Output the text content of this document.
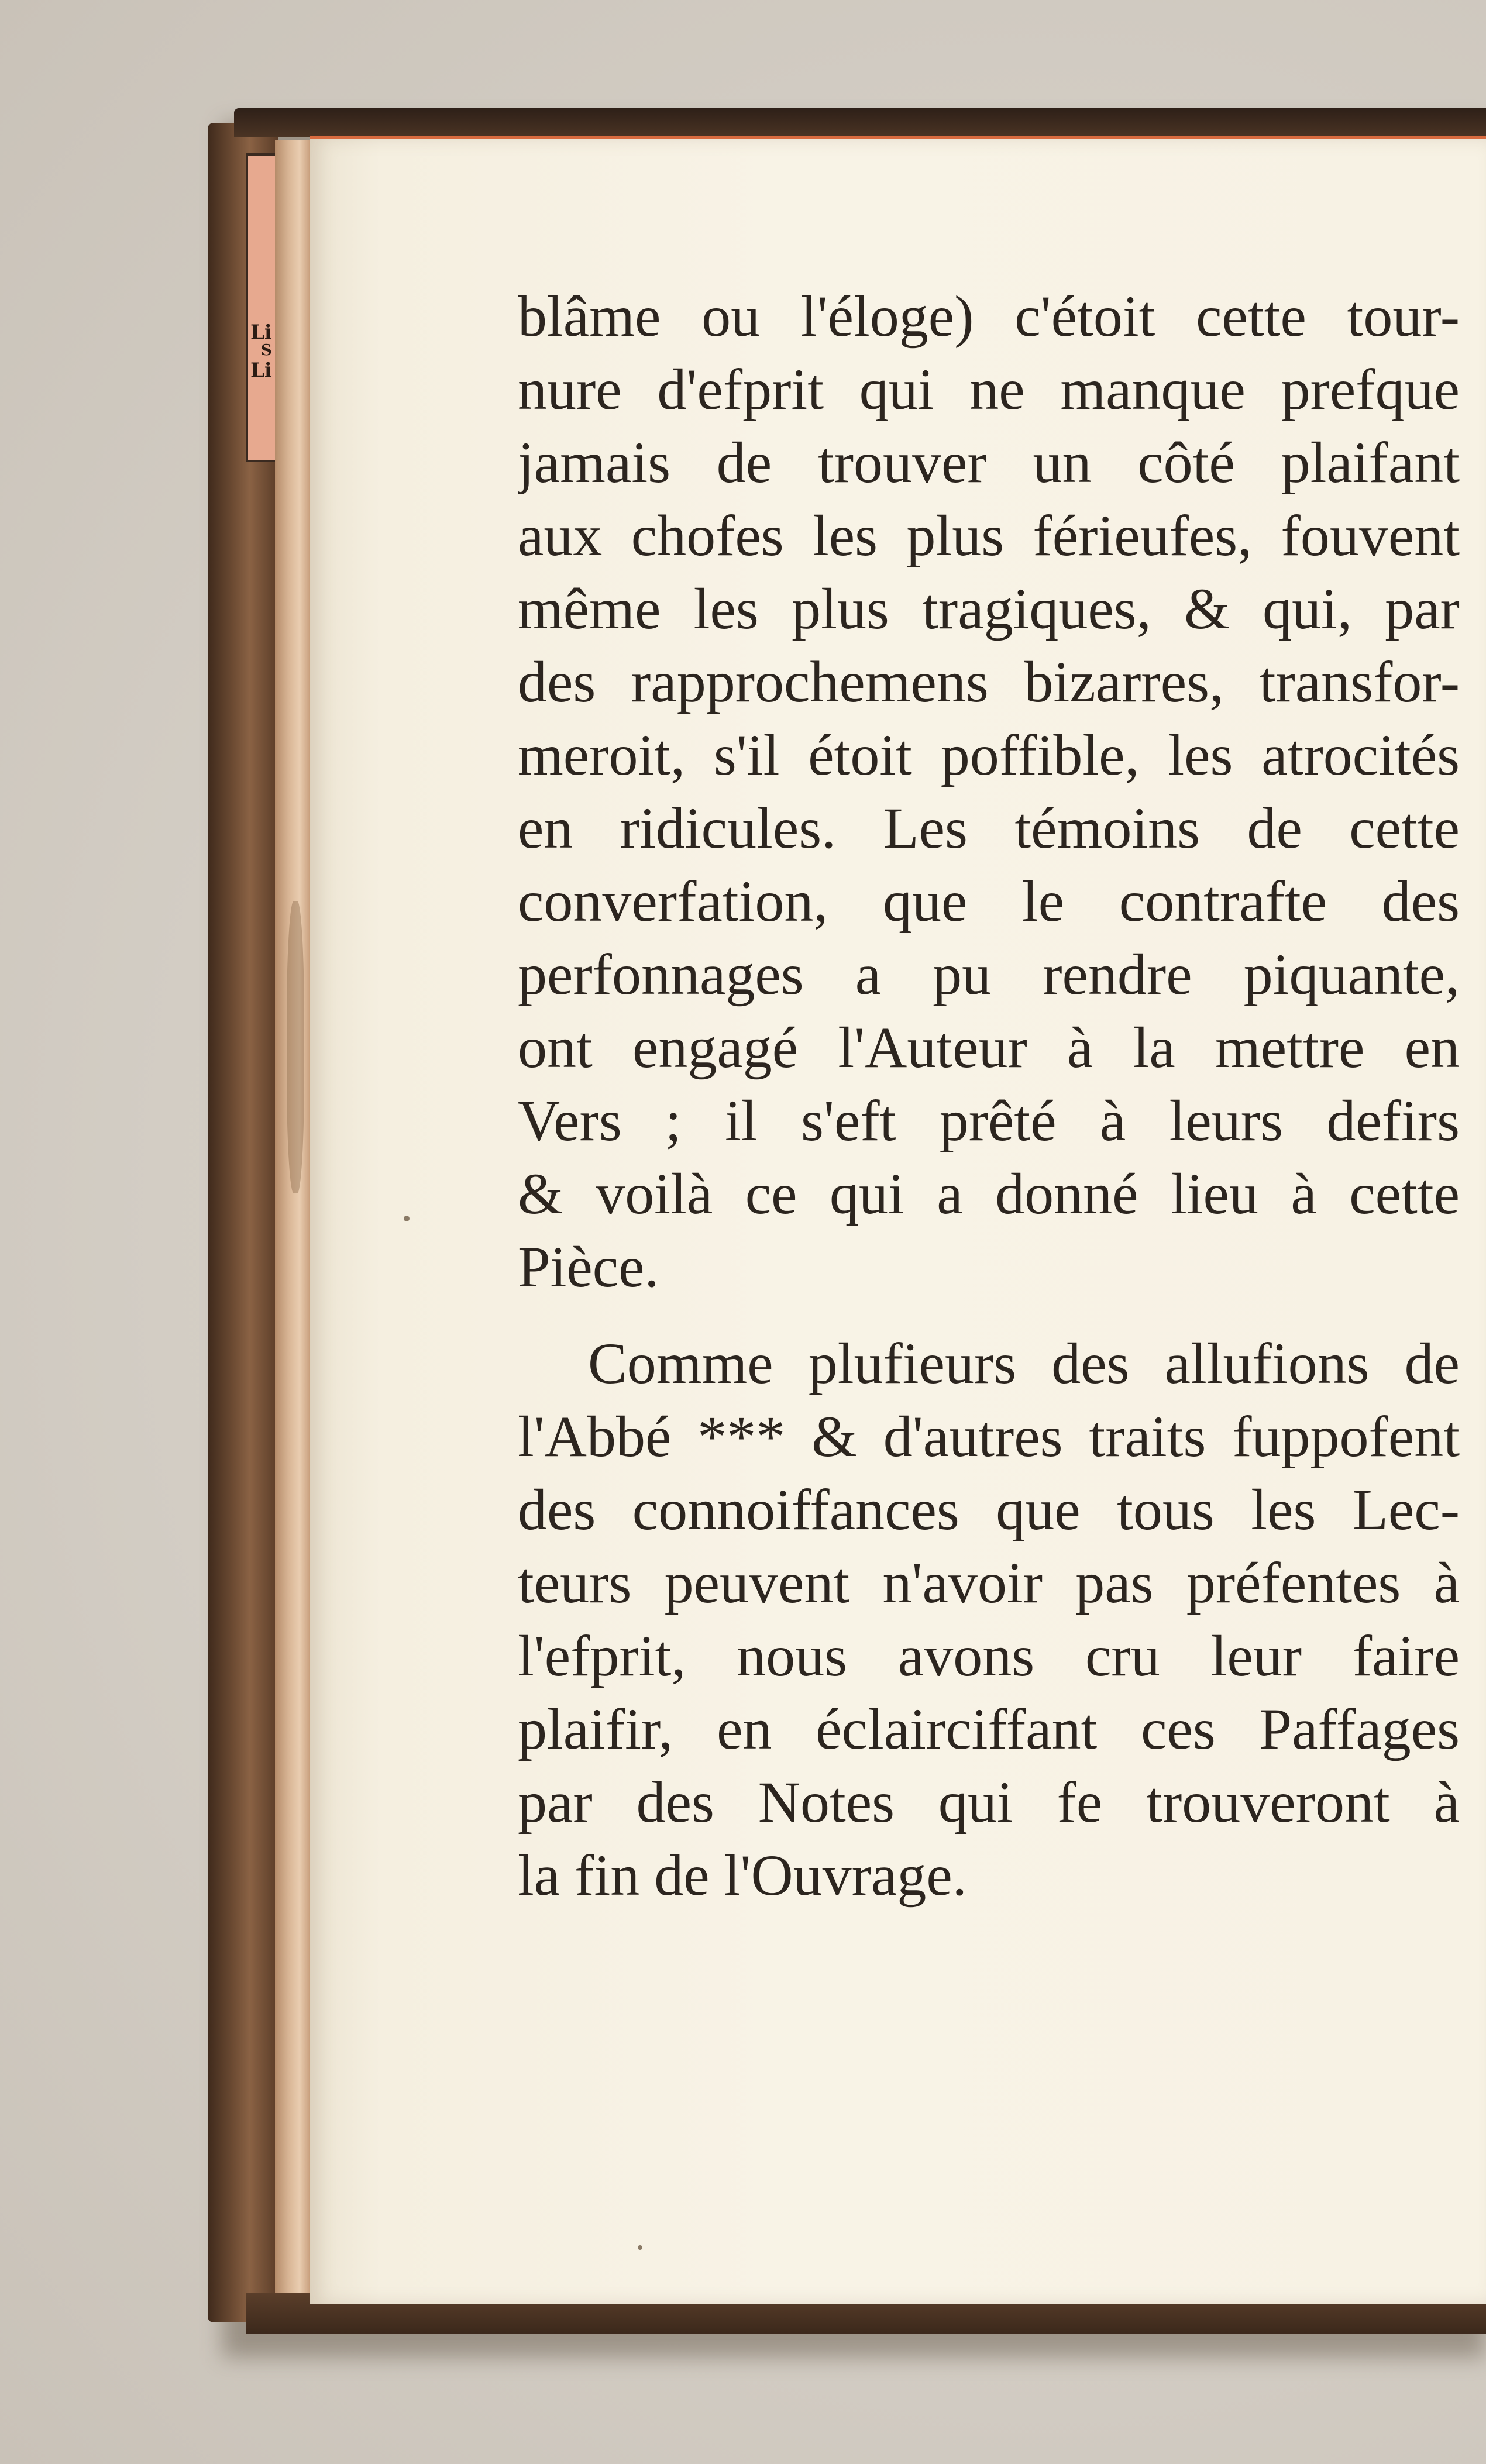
Li
S
Li
blâme ou l'éloge) c'étoit cette tour-
nure d'efprit qui ne manque prefque
jamais de trouver un côté plaifant
aux chofes les plus férieufes, fouvent
même les plus tragiques, & qui, par
des rapprochemens bizarres, transfor-
meroit, s'il étoit poffible, les atrocités
en ridicules. Les témoins de cette
converfation, que le contrafte des
perfonnages a pu rendre piquante,
ont engagé l'Auteur à la mettre en
Vers ; il s'eft prêté à leurs defirs
& voilà ce qui a donné lieu à cette
Pièce.
Comme plufieurs des allufions de
l'Abbé *** & d'autres traits fuppofent
des connoiffances que tous les Lec-
teurs peuvent n'avoir pas préfentes à
l'efprit, nous avons cru leur faire
plaifir, en éclairciffant ces Paffages
par des Notes qui fe trouveront à
la fin de l'Ouvrage.
